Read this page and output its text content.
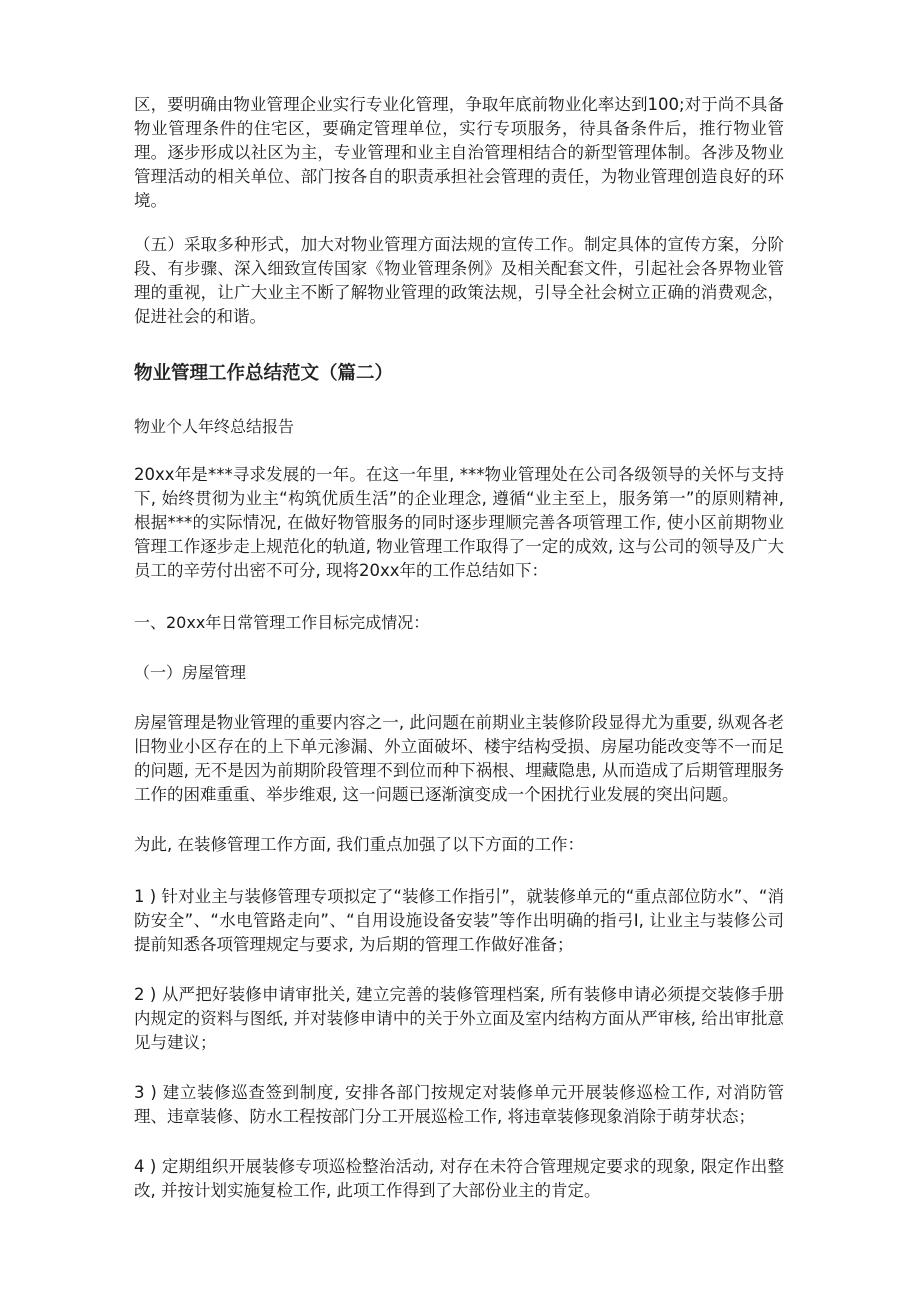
区，要明确由物业管理企业实行专业化管理，争取年底前物业化率达到100;对于尚不具备物业管理条件的住宅区，要确定管理单位，实行专项服务，待具备条件后，推行物业管理。逐步形成以社区为主，专业管理和业主自治管理相结合的新型管理体制。各涉及物业管理活动的相关单位、部门按各自的职责承担社会管理的责任，为物业管理创造良好的环境。

（五）采取多种形式，加大对物业管理方面法规的宣传工作。制定具体的宣传方案，分阶段、有步骤、深入细致宣传国家《物业管理条例》及相关配套文件，引起社会各界物业管理的重视，让广大业主不断了解物业管理的政策法规，引导全社会树立正确的消费观念，促进社会的和谐。

物业管理工作总结范文（篇二）

物业个人年终总结报告

20xx年是***寻求发展的一年。在这一年里, ***物业管理处在公司各级领导的关怀与支持下, 始终贯彻为业主“构筑优质生活”的企业理念, 遵循“业主至上，服务第一”的原则精神, 根据***的实际情况, 在做好物管服务的同时逐步理顺完善各项管理工作, 使小区前期物业管理工作逐步走上规范化的轨道, 物业管理工作取得了一定的成效, 这与公司的领导及广大员工的辛劳付出密不可分, 现将20xx年的工作总结如下：

一、20xx年日常管理工作目标完成情况：

（一）房屋管理

房屋管理是物业管理的重要内容之一, 此问题在前期业主装修阶段显得尤为重要, 纵观各老旧物业小区存在的上下单元渗漏、外立面破坏、楼宇结构受损、房屋功能改变等不一而足的问题, 无不是因为前期阶段管理不到位而种下祸根、埋藏隐患, 从而造成了后期管理服务工作的困难重重、举步维艰, 这一问题已逐渐演变成一个困扰行业发展的突出问题。

为此, 在装修管理工作方面, 我们重点加强了以下方面的工作：

1 ) 针对业主与装修管理专项拟定了“装修工作指引”，就装修单元的“重点部位防水”、“消防安全”、“水电管路走向”、“自用设施设备安装”等作出明确的指弓I, 让业主与装修公司提前知悉各项管理规定与要求, 为后期的管理工作做好准备；

2 ) 从严把好装修申请审批关, 建立完善的装修管理档案, 所有装修申请必须提交装修手册内规定的资料与图纸, 并对装修申请中的关于外立面及室内结构方面从严审核, 给出审批意见与建议；

3 ) 建立装修巡查签到制度, 安排各部门按规定对装修单元开展装修巡检工作, 对消防管理、违章装修、防水工程按部门分工开展巡检工作, 将违章装修现象消除于萌芽状态；

4 ) 定期组织开展装修专项巡检整治活动, 对存在未符合管理规定要求的现象, 限定作出整改, 并按计划实施复检工作, 此项工作得到了大部份业主的肯定。
